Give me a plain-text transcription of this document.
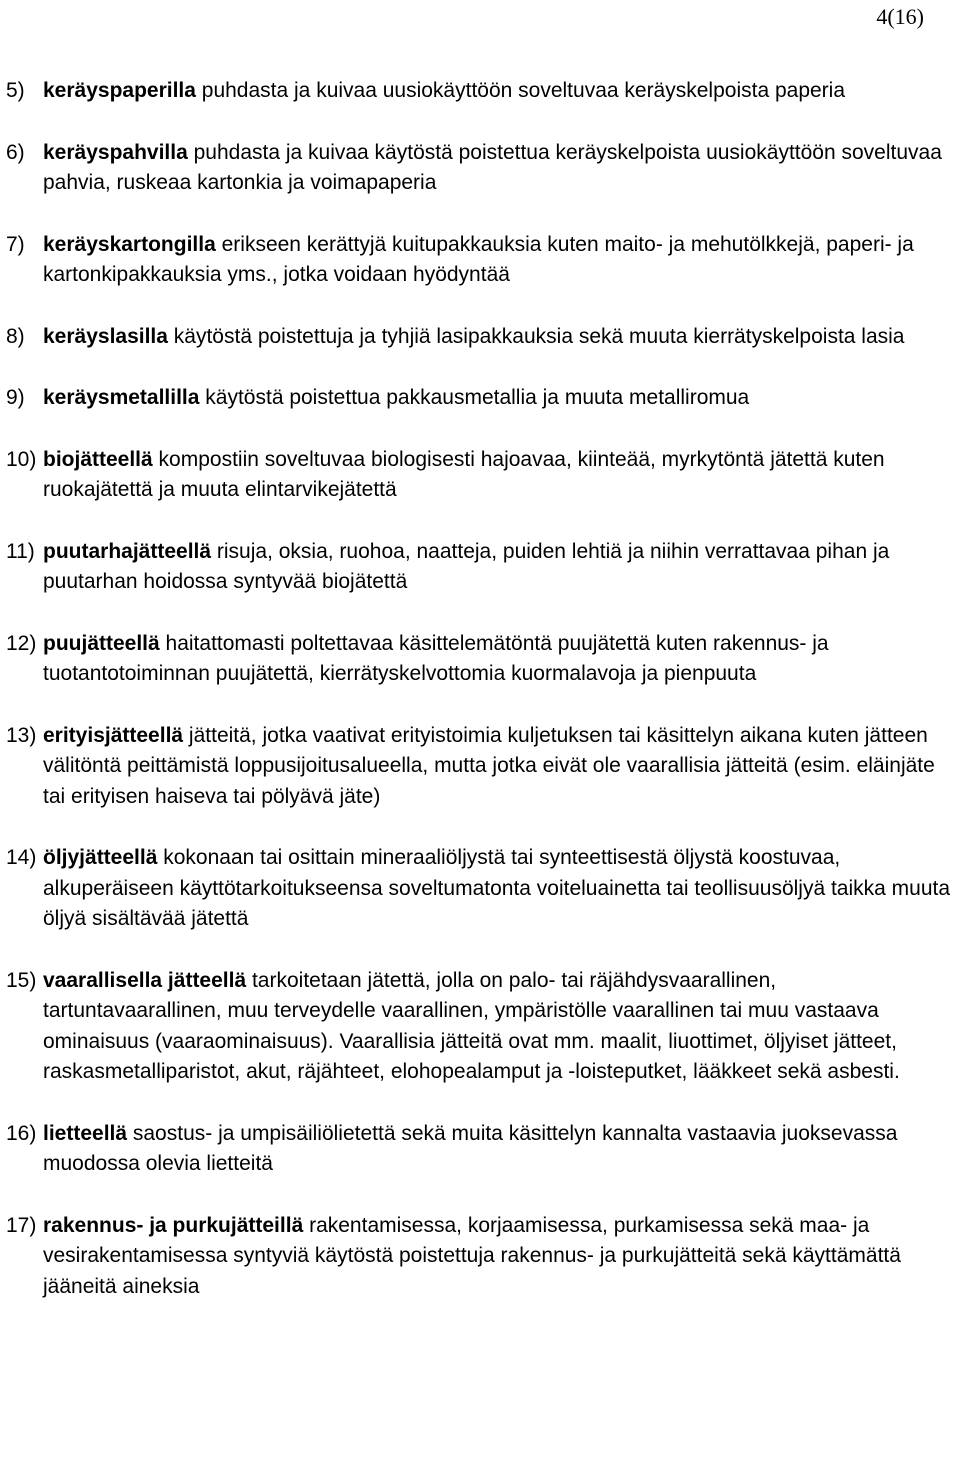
4(16)
5) keräyspaperilla puhdasta ja kuivaa uusiokäyttöön soveltuvaa keräyskelpoista paperia
6) keräyspahvilla puhdasta ja kuivaa käytöstä poistettua keräyskelpoista uusiokäyttöön soveltuvaa pahvia, ruskeaa kartonkia ja voimapaperia
7) keräyskartongilla erikseen kerättyjä kuitupakkauksia kuten maito- ja mehutölkkejä, paperi- ja kartonkipakkauksia yms., jotka voidaan hyödyntää
8) keräyslasilla käytöstä poistettuja ja tyhjiä lasipakkauksia sekä muuta kierrätyskelpoista lasia
9) keräysmetallilla käytöstä poistettua pakkausmetallia ja muuta metalliromua
10) biojätteellä kompostiin soveltuvaa biologisesti hajoavaa, kiinteää, myrkytöntä jätettä kuten ruokajätettä ja muuta elintarvikejätettä
11) puutarhajätteellä risuja, oksia, ruohoa, naatteja, puiden lehtiä ja niihin verrattavaa pihan ja puutarhan hoidossa syntyvää biojätettä
12) puujätteellä haitattomasti poltettavaa käsittelemätöntä puujätettä kuten rakennus- ja tuotantotoiminnan puujätettä, kierrätyskelvottomia kuormalavoja ja pienpuuta
13) erityisjätteellä jätteitä, jotka vaativat erityistoimia kuljetuksen tai käsittelyn aikana kuten jätteen välitöntä peittämistä loppusijoitusalueella, mutta jotka eivät ole vaarallisia jätteitä (esim. eläinjäte tai erityisen haiseva tai pölyävä jäte)
14) öljyjätteellä kokonaan tai osittain mineraaliöljystä tai synteettisestä öljystä koostuvaa, alkuperäiseen käyttötarkoitukseensa soveltumatonta voiteluainetta tai teollisuusöljyä taikka muuta öljyä sisältävää jätettä
15) vaarallisella jätteellä tarkoitetaan jätettä, jolla on palo- tai räjähdysvaarallinen, tartuntavaarallinen, muu terveydelle vaarallinen, ympäristölle vaarallinen tai muu vastaava ominaisuus (vaaraominaisuus). Vaarallisia jätteitä ovat mm. maalit, liuottimet, öljyiset jätteet, raskasmetalliparistot, akut, räjähteet, elohopealamput ja -loisteputket, lääkkeet sekä asbesti.
16) lietteellä saostus- ja umpisäiliölietettä sekä muita käsittelyn kannalta vastaavia juoksevassa muodossa olevia lietteitä
17) rakennus- ja purkujätteillä rakentamisessa, korjaamisessa, purkamisessa sekä maa- ja vesirakentamisessa syntyviä käytöstä poistettuja rakennus- ja purkujätteitä sekä käyttämättä jääneitä aineksia
